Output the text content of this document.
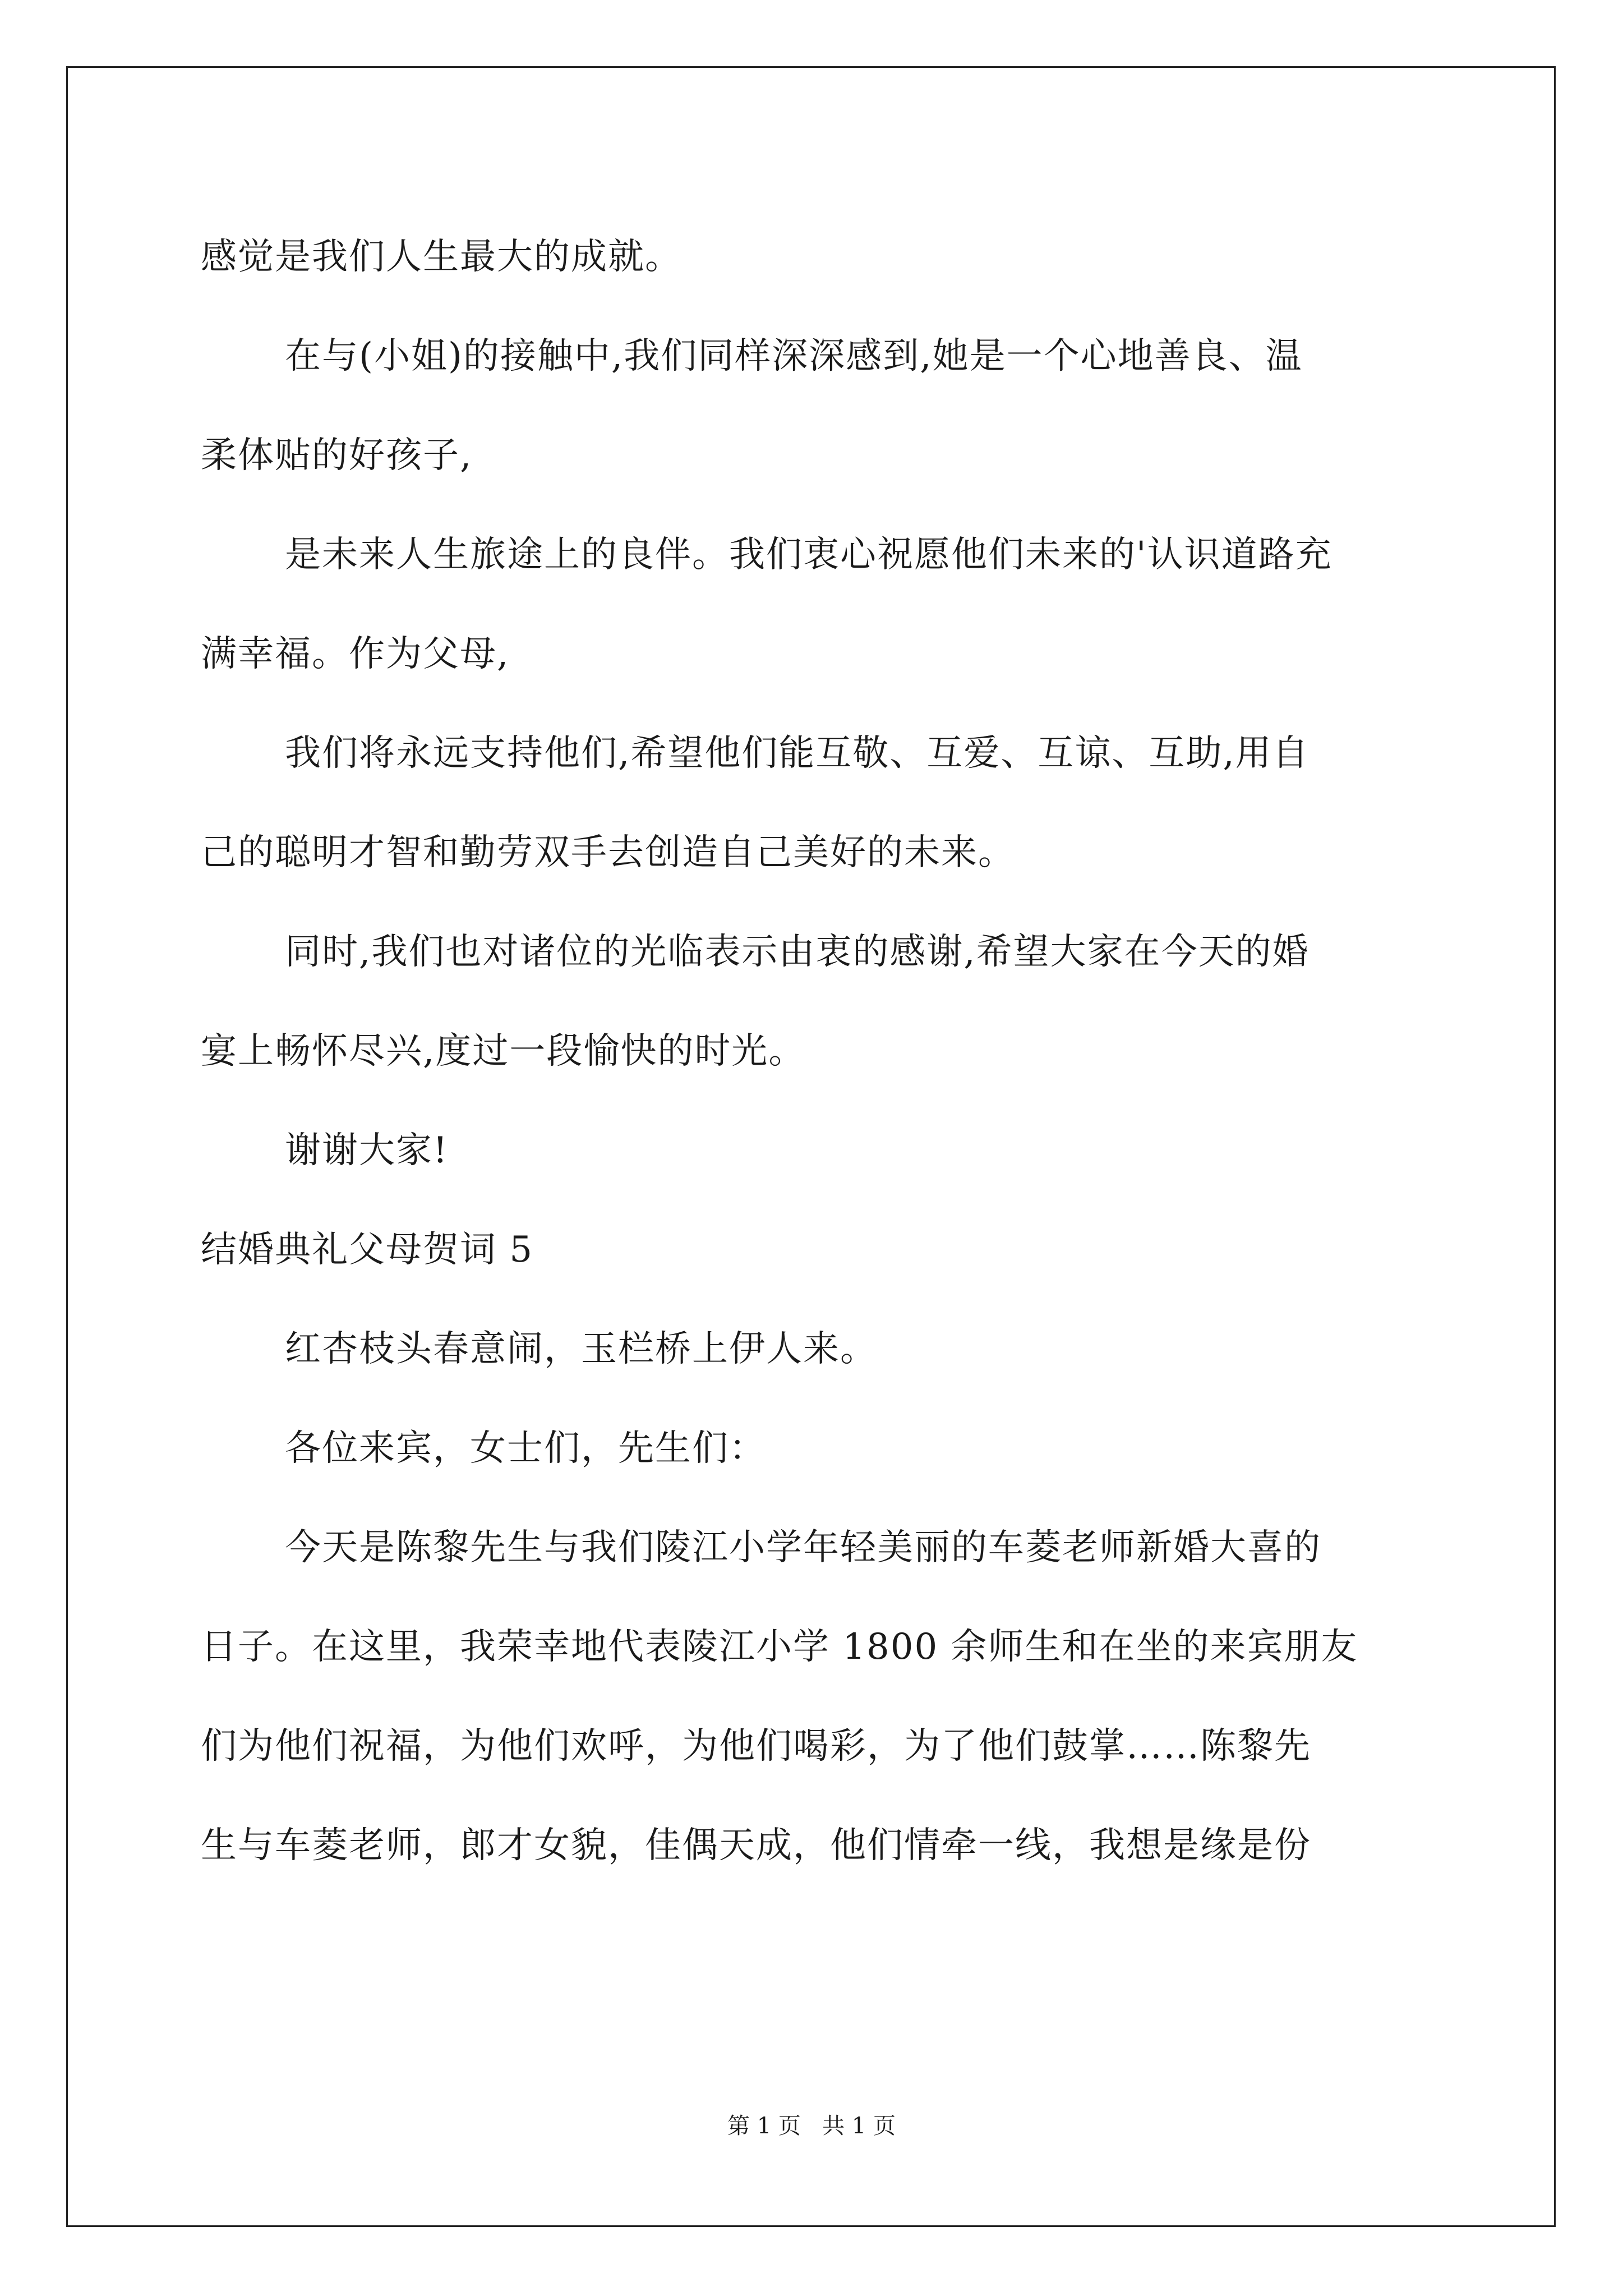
感觉是我们人生最大的成就。
在与(小姐)的接触中,我们同样深深感到,她是一个心地善良、温
柔体贴的好孩子,
是未来人生旅途上的良伴。我们衷心祝愿他们未来的'认识道路充
满幸福。作为父母,
我们将永远支持他们,希望他们能互敬、互爱、互谅、互助,用自
己的聪明才智和勤劳双手去创造自己美好的未来。
同时,我们也对诸位的光临表示由衷的感谢,希望大家在今天的婚
宴上畅怀尽兴,度过一段愉快的时光。
谢谢大家!
结婚典礼父母贺词 5
红杏枝头春意闹，玉栏桥上伊人来。
各位来宾，女士们，先生们：
今天是陈黎先生与我们陵江小学年轻美丽的车菱老师新婚大喜的
日子。在这里，我荣幸地代表陵江小学 1800 余师生和在坐的来宾朋友
们为他们祝福，为他们欢呼，为他们喝彩，为了他们鼓掌……陈黎先
生与车菱老师，郎才女貌，佳偶天成，他们情牵一线，我想是缘是份
第 1 页   共 1 页
